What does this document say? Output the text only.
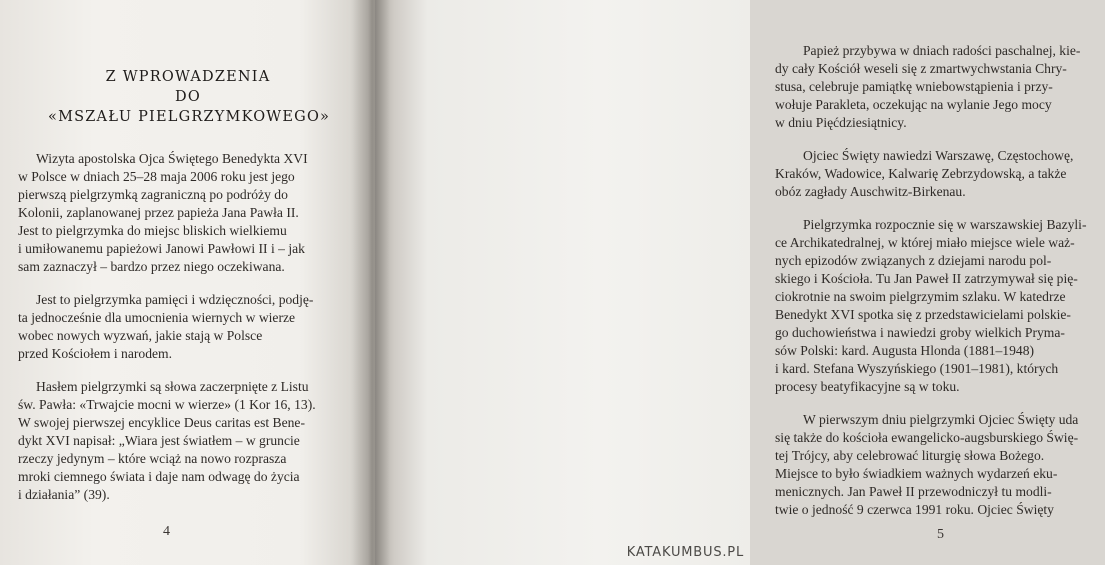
Z WPROWADZENIA
DO
«MSZAŁU PIELGRZYMKOWEGO»

Wizyta apostolska Ojca Świętego Benedykta XVI
w Polsce w dniach 25–28 maja 2006 roku jest jego
pierwszą pielgrzymką zagraniczną po podróży do
Kolonii, zaplanowanej przez papieża Jana Pawła II.
Jest to pielgrzymka do miejsc bliskich wielkiemu
i umiłowanemu papieżowi Janowi Pawłowi II i – jak
sam zaznaczył – bardzo przez niego oczekiwana.

Jest to pielgrzymka pamięci i wdzięczności, podję-
ta jednocześnie dla umocnienia wiernych w wierze
wobec nowych wyzwań, jakie stają w Polsce
przed Kościołem i narodem.

Hasłem pielgrzymki są słowa zaczerpnięte z Listu
św. Pawła: «Trwajcie mocni w wierze» (1 Kor 16, 13).
W swojej pierwszej encyklice Deus caritas est Bene-
dykt XVI napisał: „Wiara jest światłem – w gruncie
rzeczy jedynym – które wciąż na nowo rozprasza
mroki ciemnego świata i daje nam odwagę do życia
i działania” (39).

4

Papież przybywa w dniach radości paschalnej, kie-
dy cały Kościół weseli się z zmartwychwstania Chry-
stusa, celebruje pamiątkę wniebowstąpienia i przy-
wołuje Parakleta, oczekując na wylanie Jego mocy
w dniu Pięćdziesiątnicy.

Ojciec Święty nawiedzi Warszawę, Częstochowę,
Kraków, Wadowice, Kalwarię Zebrzydowską, a także
obóz zagłady Auschwitz-Birkenau.

Pielgrzymka rozpocznie się w warszawskiej Bazyli-
ce Archikatedralnej, w której miało miejsce wiele waż-
nych epizodów związanych z dziejami narodu pol-
skiego i Kościoła. Tu Jan Paweł II zatrzymywał się pię-
ciokrotnie na swoim pielgrzymim szlaku. W katedrze
Benedykt XVI spotka się z przedstawicielami polskie-
go duchowieństwa i nawiedzi groby wielkich Pryma-
sów Polski: kard. Augusta Hlonda (1881–1948)
i kard. Stefana Wyszyńskiego (1901–1981), których
procesy beatyfikacyjne są w toku.

W pierwszym dniu pielgrzymki Ojciec Święty uda
się także do kościoła ewangelicko-augsburskiego Świę-
tej Trójcy, aby celebrować liturgię słowa Bożego.
Miejsce to było świadkiem ważnych wydarzeń eku-
menicznych. Jan Paweł II przewodniczył tu modli-
twie o jedność 9 czerwca 1991 roku. Ojciec Święty

5
KATAKUMBUS.PL
